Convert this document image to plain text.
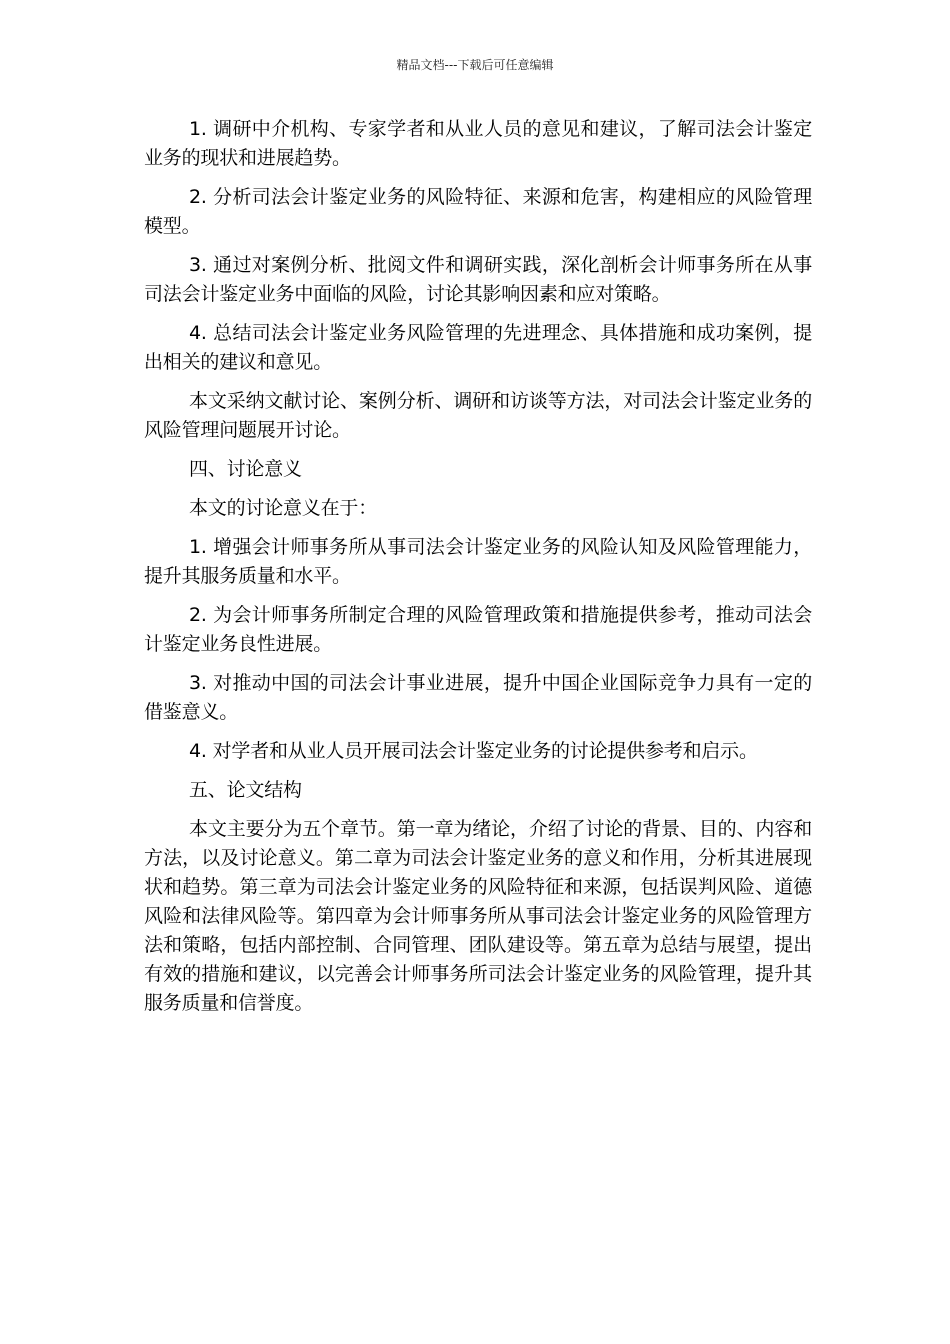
精品文档---下载后可任意编辑

1. 调研中介机构、专家学者和从业人员的意见和建议，了解司法会计鉴定业务的现状和进展趋势。

2. 分析司法会计鉴定业务的风险特征、来源和危害，构建相应的风险管理模型。

3. 通过对案例分析、批阅文件和调研实践，深化剖析会计师事务所在从事司法会计鉴定业务中面临的风险，讨论其影响因素和应对策略。

4. 总结司法会计鉴定业务风险管理的先进理念、具体措施和成功案例，提出相关的建议和意见。

本文采纳文献讨论、案例分析、调研和访谈等方法，对司法会计鉴定业务的风险管理问题展开讨论。

四、讨论意义

本文的讨论意义在于：

1. 增强会计师事务所从事司法会计鉴定业务的风险认知及风险管理能力， 提升其服务质量和水平。

2. 为会计师事务所制定合理的风险管理政策和措施提供参考，推动司法会计鉴定业务良性进展。

3. 对推动中国的司法会计事业进展，提升中国企业国际竞争力具有一定的借鉴意义。

4. 对学者和从业人员开展司法会计鉴定业务的讨论提供参考和启示。

五、论文结构

本文主要分为五个章节。第一章为绪论，介绍了讨论的背景、目的、内容和方法，以及讨论意义。第二章为司法会计鉴定业务的意义和作用，分析其进展现状和趋势。第三章为司法会计鉴定业务的风险特征和来源，包括误判风险、道德风险和法律风险等。第四章为会计师事务所从事司法会计鉴定业务的风险管理方法和策略，包括内部控制、合同管理、团队建设等。第五章为总结与展望，提出有效的措施和建议，以完善会计师事务所司法会计鉴定业务的风险管理，提升其服务质量和信誉度。
